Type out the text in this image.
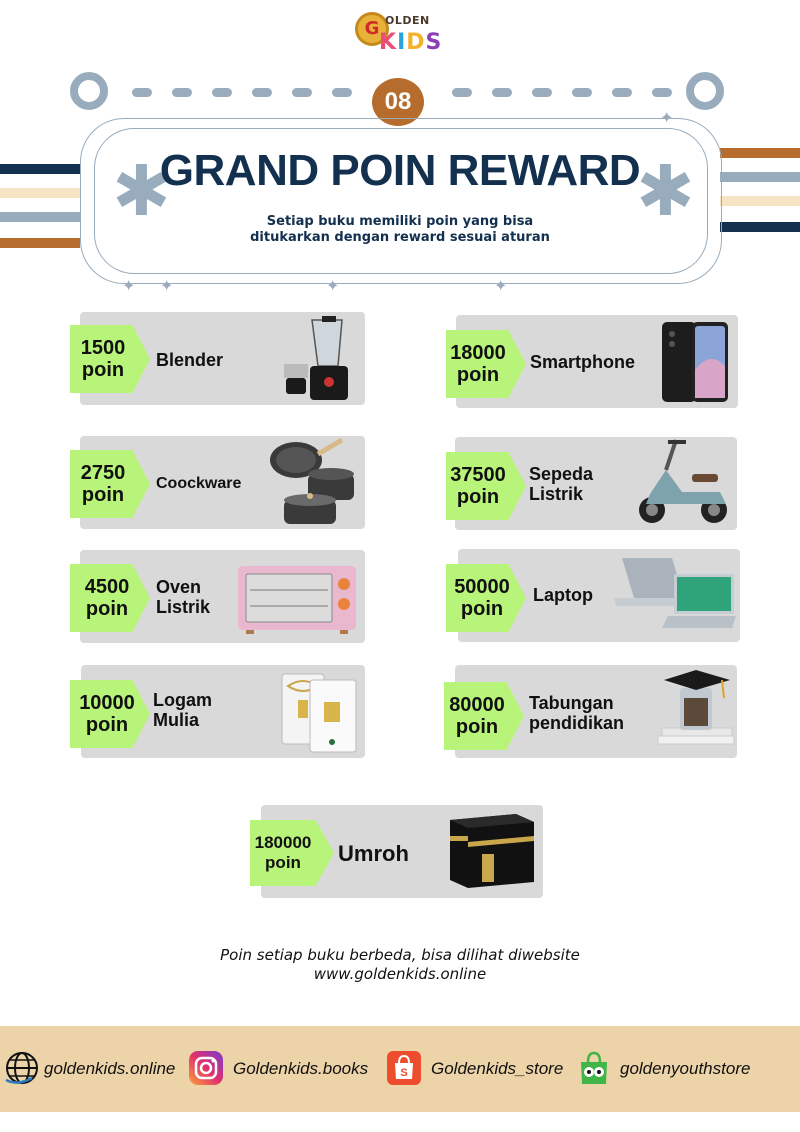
G OLDEN
KIDS
08
✱	✱
✦ ✦	✦	✦
✦
GRAND POIN REWARD
Setiap buku memiliki poin yang bisa
ditukarkan dengan reward sesuai aturan
1500
poin	Blender	18000
poin
Smartphone
2750
poin
Coockware	37500
poin
Sepeda
Listrik
4500
poin
Oven
Listrik
50000
poin
Laptop
10000
poin
Logam
Mulia
80000
poin
Tabungan
pendidikan
180000
poin	Umroh
Poin setiap buku berbeda, bisa dilihat diwebsite
www.goldenkids.online
goldenkids.online	Goldenkids.books	S Goldenkids_store	goldenyouthstore
